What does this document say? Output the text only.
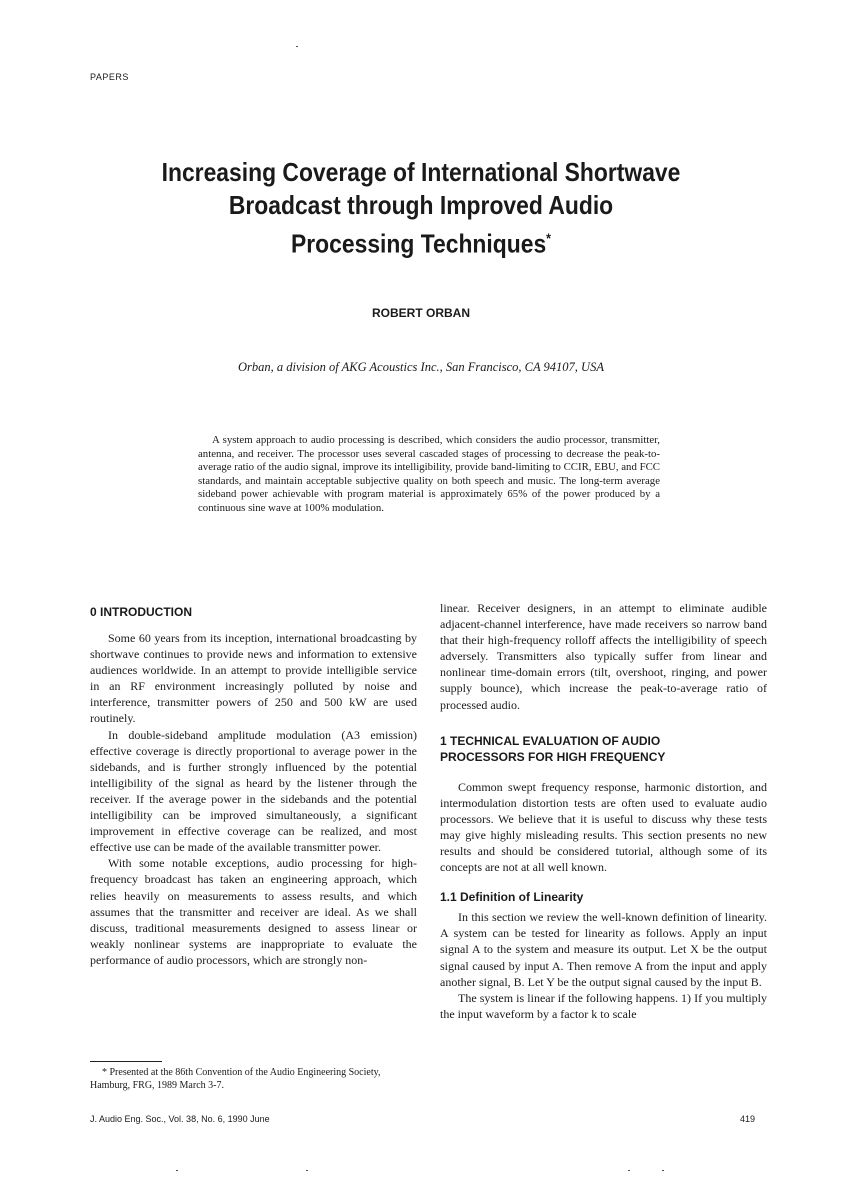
PAPERS
Increasing Coverage of International Shortwave
Broadcast through Improved Audio
Processing Techniques*
ROBERT ORBAN
Orban, a division of AKG Acoustics Inc., San Francisco, CA 94107, USA
A system approach to audio processing is described, which considers the audio processor, transmitter, antenna, and receiver. The processor uses several cascaded stages of processing to decrease the peak-to-average ratio of the audio signal, improve its intelligibility, provide band-limiting to CCIR, EBU, and FCC standards, and maintain acceptable subjective quality on both speech and music. The long-term average sideband power achievable with program material is approximately 65% of the power produced by a continuous sine wave at 100% modulation.
0 INTRODUCTION

Some 60 years from its inception, international broadcasting by shortwave continues to provide news and information to extensive audiences worldwide. In an attempt to provide intelligible service in an RF environment increasingly polluted by noise and interference, transmitter powers of 250 and 500 kW are used routinely.

In double-sideband amplitude modulation (A3 emission) effective coverage is directly proportional to average power in the sidebands, and is further strongly influenced by the potential intelligibility of the signal as heard by the listener through the receiver. If the average power in the sidebands and the potential intelligibility can be improved simultaneously, a significant improvement in effective coverage can be realized, and most effective use can be made of the available transmitter power.

With some notable exceptions, audio processing for high-frequency broadcast has taken an engineering approach, which relies heavily on measurements to assess results, and which assumes that the transmitter and receiver are ideal. As we shall discuss, traditional measurements designed to assess linear or weakly nonlinear systems are inappropriate to evaluate the performance of audio processors, which are strongly non-

* Presented at the 86th Convention of the Audio Engineering Society, Hamburg, FRG, 1989 March 3-7.

linear. Receiver designers, in an attempt to eliminate audible adjacent-channel interference, have made receivers so narrow band that their high-frequency rolloff affects the intelligibility of speech adversely. Transmitters also typically suffer from linear and nonlinear time-domain errors (tilt, overshoot, ringing, and power supply bounce), which increase the peak-to-average ratio of processed audio.

1 TECHNICAL EVALUATION OF AUDIO
PROCESSORS FOR HIGH FREQUENCY

Common swept frequency response, harmonic distortion, and intermodulation distortion tests are often used to evaluate audio processors. We believe that it is useful to discuss why these tests may give highly misleading results. This section presents no new results and should be considered tutorial, although some of its concepts are not at all well known.

1.1 Definition of Linearity

In this section we review the well-known definition of linearity. A system can be tested for linearity as follows. Apply an input signal A to the system and measure its output. Let X be the output signal caused by input A. Then remove A from the input and apply another signal, B. Let Y be the output signal caused by the input B.

The system is linear if the following happens. 1) If you multiply the input waveform by a factor k to scale

J. Audio Eng. Soc., Vol. 38, No. 6, 1990 June	419
